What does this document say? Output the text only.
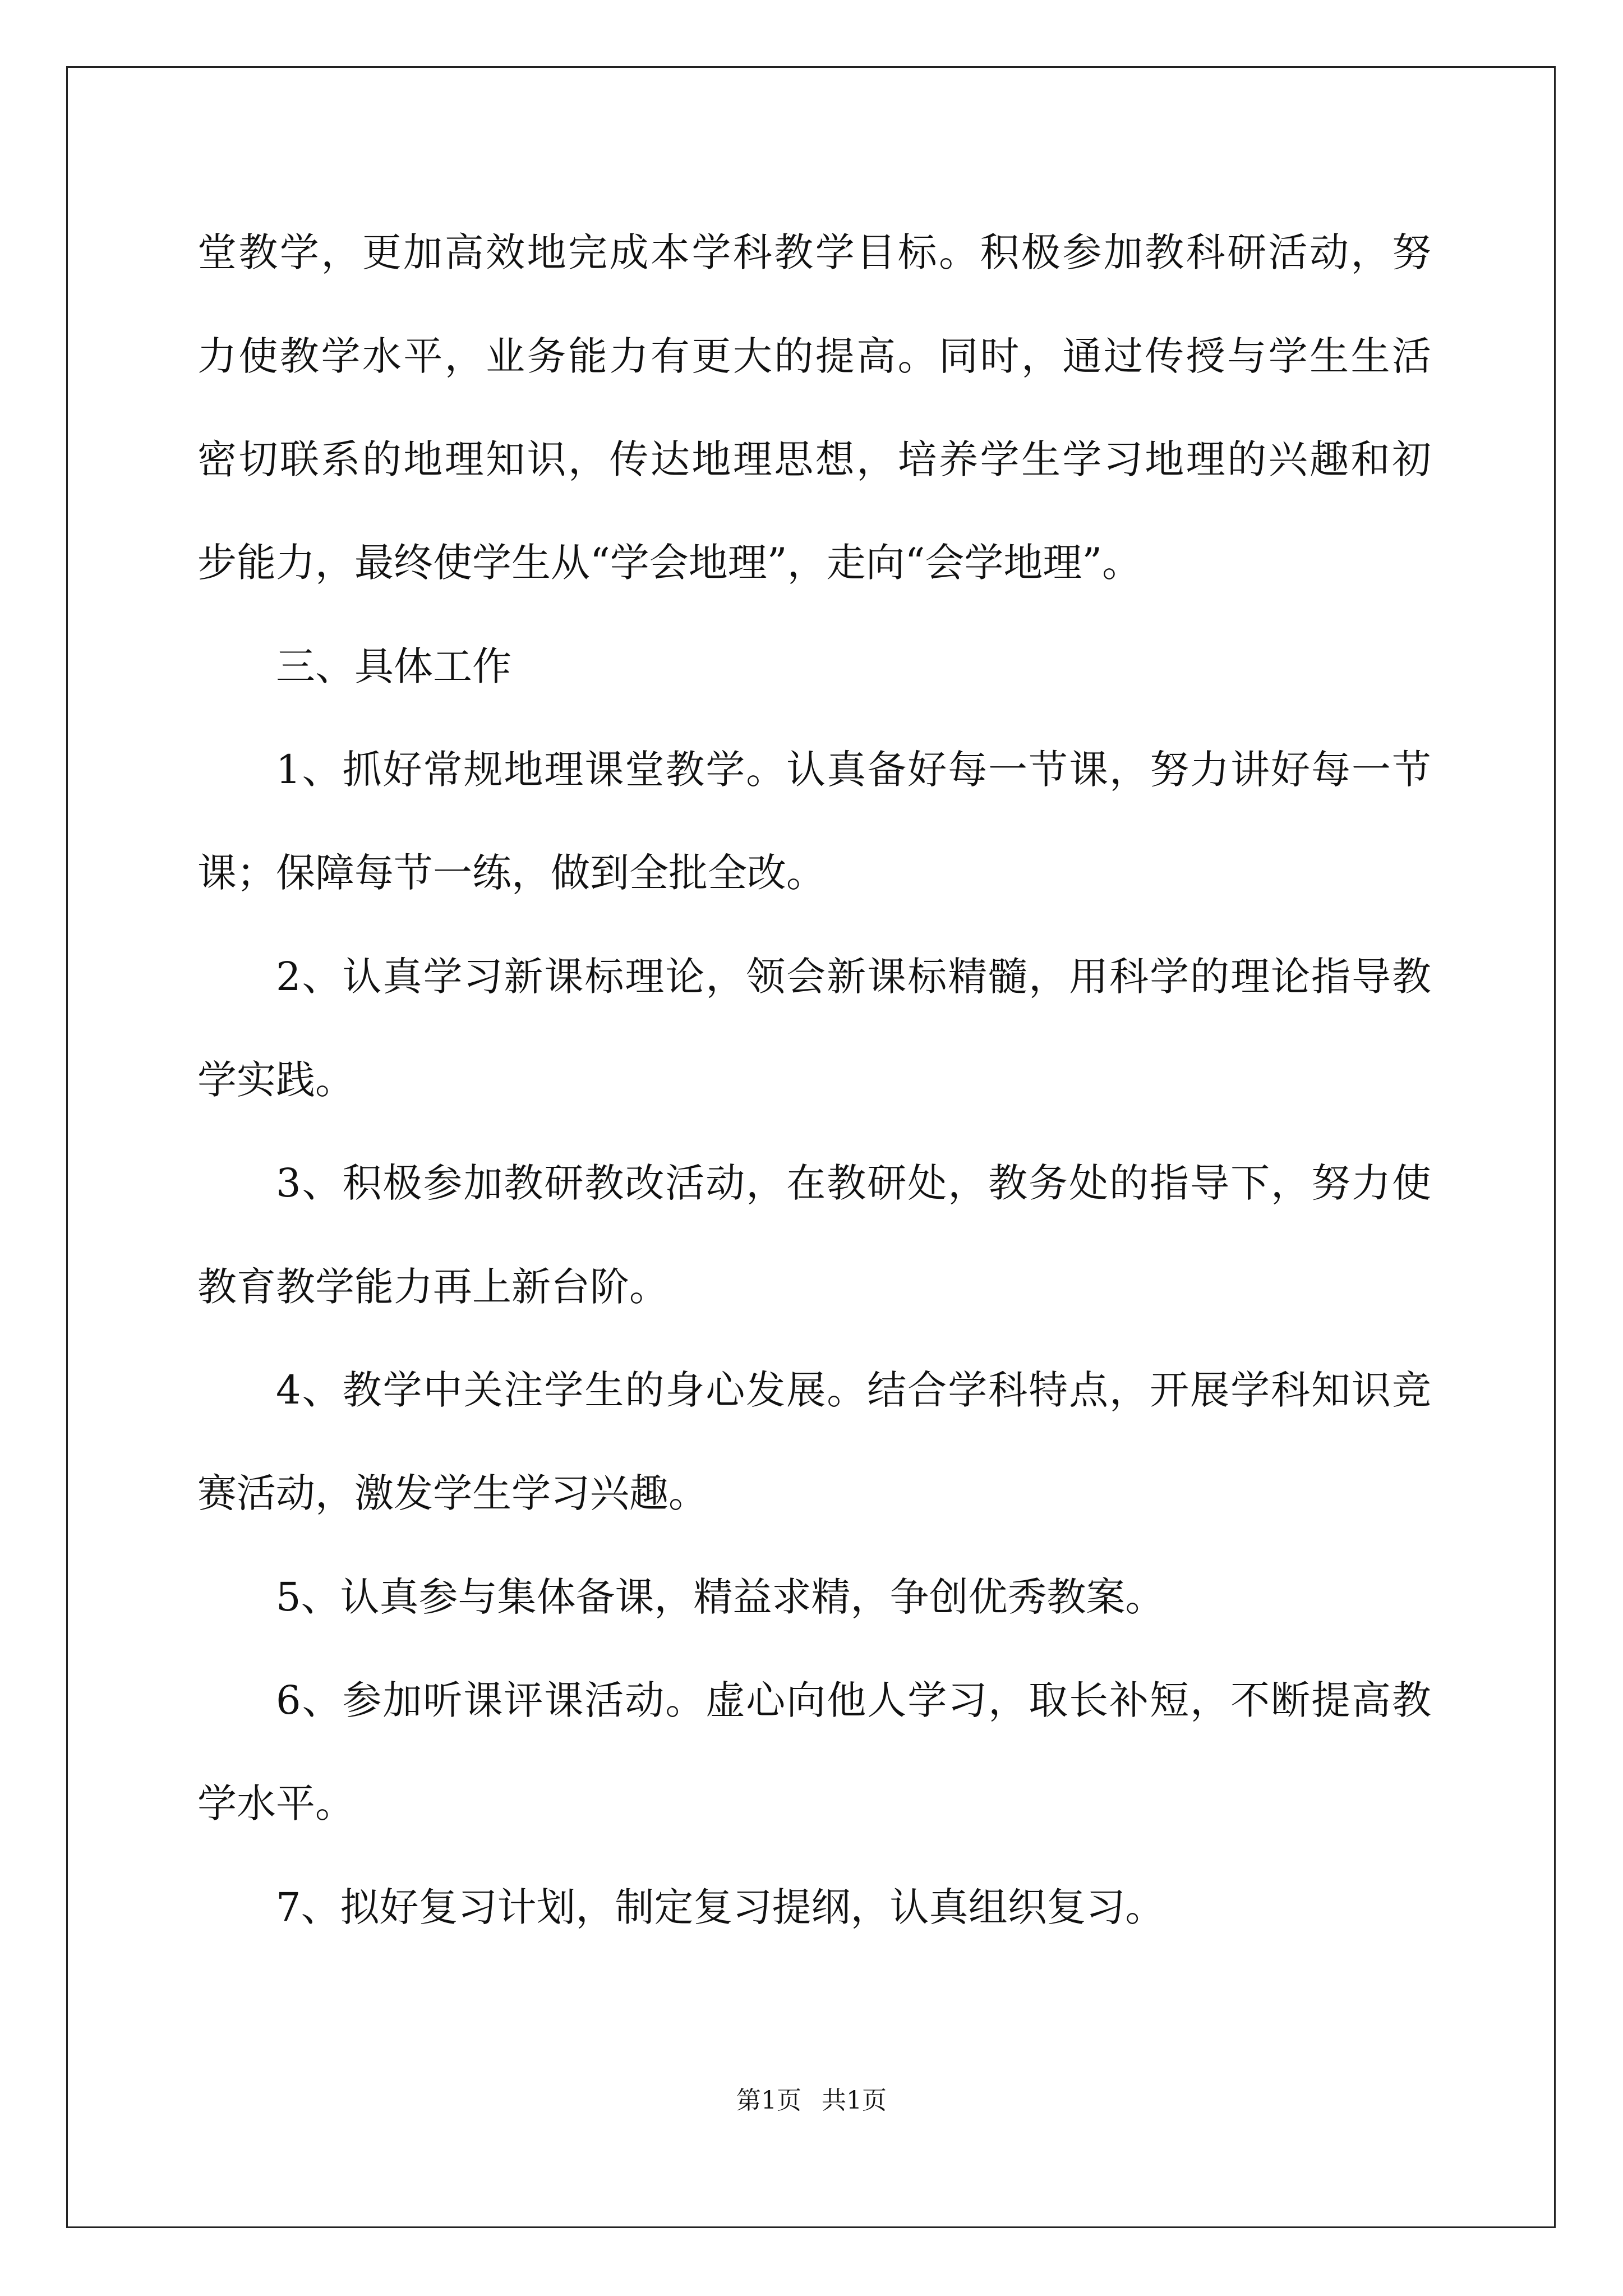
堂教学，更加高效地完成本学科教学目标。积极参加教科研活动，努
力使教学水平，业务能力有更大的提高。同时，通过传授与学生生活
密切联系的地理知识，传达地理思想，培养学生学习地理的兴趣和初
步能力，最终使学生从“学会地理”，走向“会学地理”。
三、具体工作
1、抓好常规地理课堂教学。认真备好每一节课，努力讲好每一节
课；保障每节一练，做到全批全改。
2、认真学习新课标理论，领会新课标精髓，用科学的理论指导教
学实践。
3、积极参加教研教改活动，在教研处，教务处的指导下，努力使
教育教学能力再上新台阶。
4、教学中关注学生的身心发展。结合学科特点，开展学科知识竞
赛活动，激发学生学习兴趣。
5、认真参与集体备课，精益求精，争创优秀教案。
6、参加听课评课活动。虚心向他人学习，取长补短，不断提高教
学水平。
7、拟好复习计划，制定复习提纲，认真组织复习。
第1页 共1页
